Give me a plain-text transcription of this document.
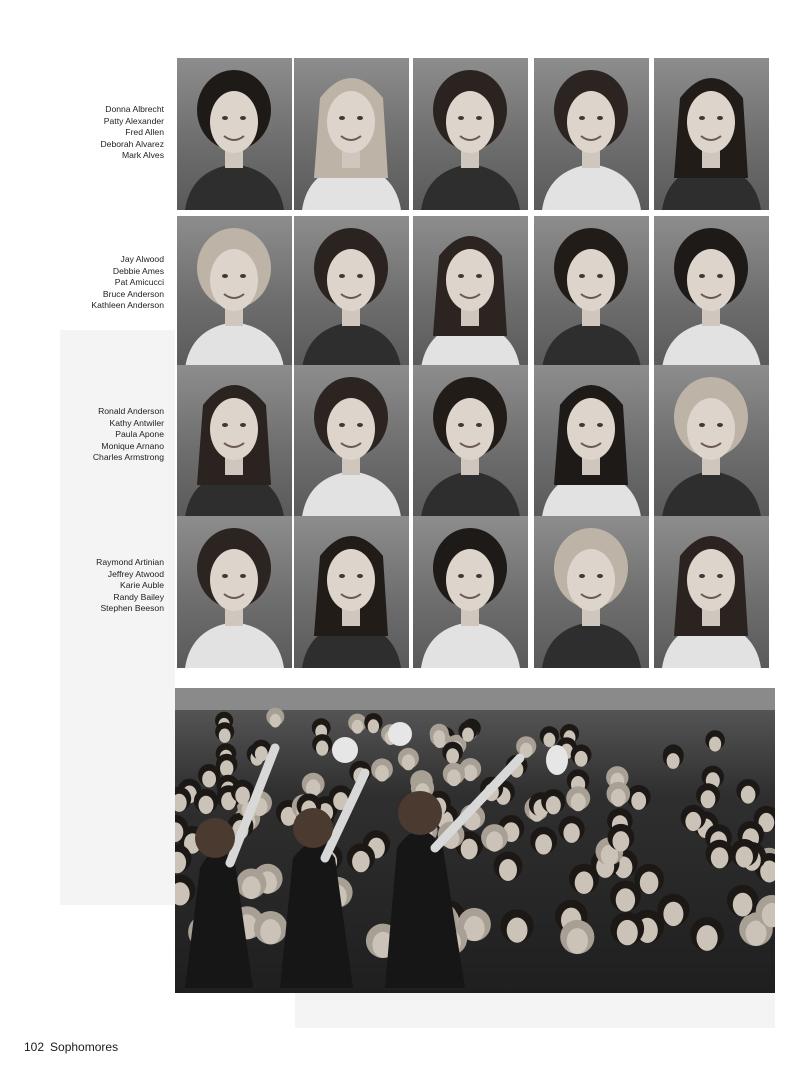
Donna Albrecht
Patty Alexander
Fred Allen
Deborah Alvarez
Mark Alves
Jay Alwood
Debbie Ames
Pat Amicucci
Bruce Anderson
Kathleen Anderson
Ronald Anderson
Kathy Antwiler
Paula Apone
Monique Arnano
Charles Armstrong
Raymond Artinian
Jeffrey Atwood
Karie Auble
Randy Bailey
Stephen Beeson
102 Sophomores
